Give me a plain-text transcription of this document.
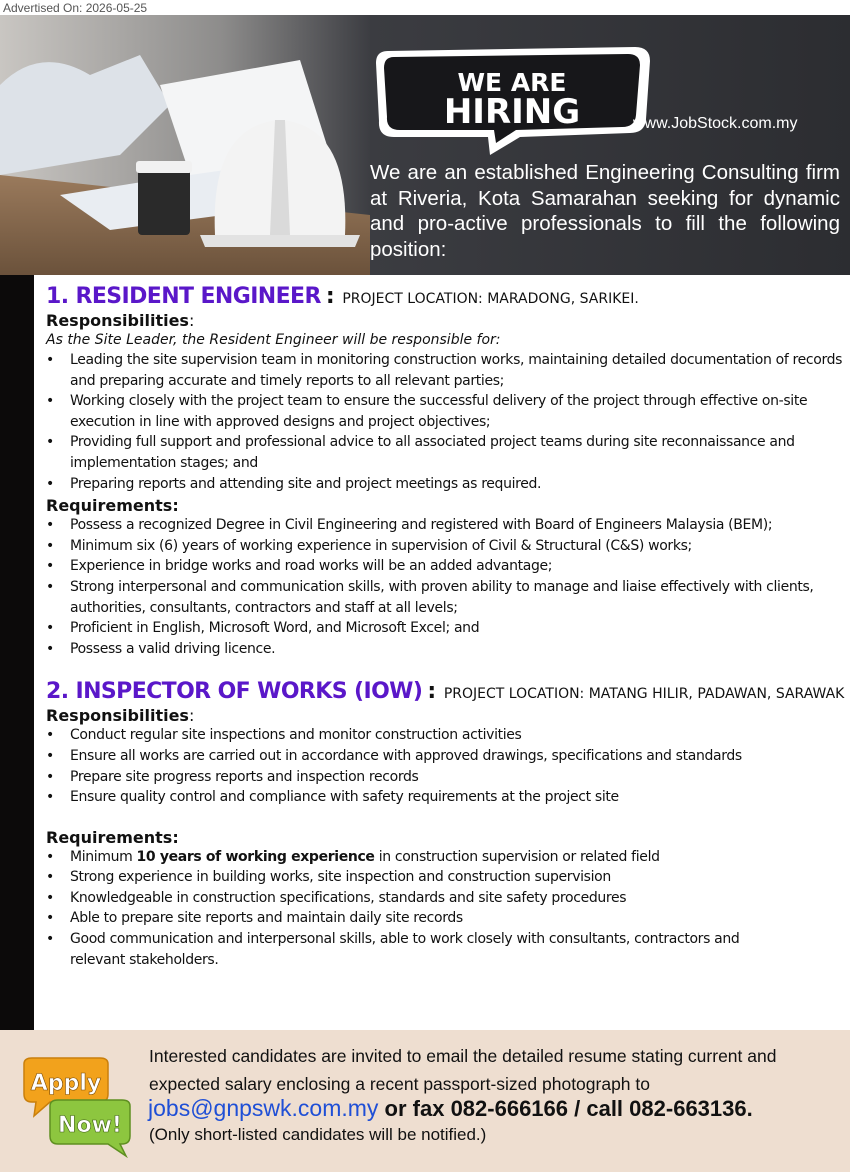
Advertised On: 2026-05-25
WE ARE
HIRING	www.JobStock.com.my
We are an established Engineering Consulting firm at Riveria, Kota Samarahan seeking for dynamic and pro-active professionals to fill the following position:
1. RESIDENT ENGINEER : PROJECT LOCATION: MARADONG, SARIKEI.
Responsibilities:
As the Site Leader, the Resident Engineer will be responsible for:
• Leading the site supervision team in monitoring construction works, maintaining detailed documentation of records and preparing accurate and timely reports to all relevant parties;
• Working closely with the project team to ensure the successful delivery of the project through effective on-site execution in line with approved designs and project objectives;
• Providing full support and professional advice to all associated project teams during site reconnaissance and implementation stages; and
• Preparing reports and attending site and project meetings as required.
Requirements:
• Possess a recognized Degree in Civil Engineering and registered with Board of Engineers Malaysia (BEM);
• Minimum six (6) years of working experience in supervision of Civil & Structural (C&S) works;
• Experience in bridge works and road works will be an added advantage;
• Strong interpersonal and communication skills, with proven ability to manage and liaise effectively with clients, authorities, consultants, contractors and staff at all levels;
• Proficient in English, Microsoft Word, and Microsoft Excel; and
• Possess a valid driving licence.
2. INSPECTOR OF WORKS (IOW) : PROJECT LOCATION: MATANG HILIR, PADAWAN, SARAWAK
Responsibilities:
• Conduct regular site inspections and monitor construction activities
• Ensure all works are carried out in accordance with approved drawings, specifications and standards
• Prepare site progress reports and inspection records
• Ensure quality control and compliance with safety requirements at the project site
Requirements:
• Minimum 10 years of working experience in construction supervision or related field
• Strong experience in building works, site inspection and construction supervision
• Knowledgeable in construction specifications, standards and site safety procedures
• Able to prepare site reports and maintain daily site records
• Good communication and interpersonal skills, able to work closely with consultants, contractors and relevant stakeholders.
Apply
Now!
Interested candidates are invited to email the detailed resume stating current and expected salary enclosing a recent passport-sized photograph to
jobs@gnpswk.com.my or fax 082-666166 / call 082-663136.
(Only short-listed candidates will be notified.)
